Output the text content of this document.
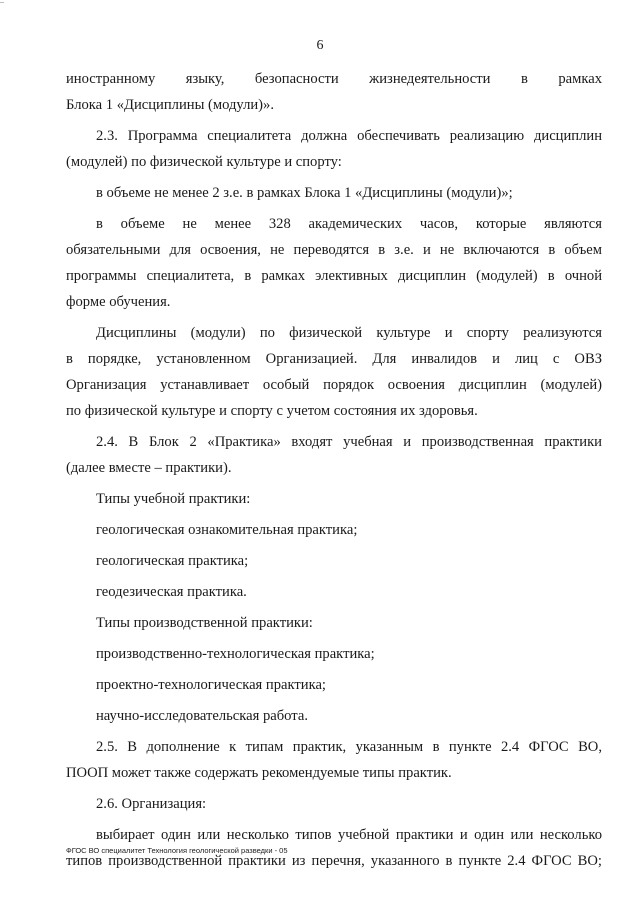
--
6
иностранному языку, безопасности жизнедеятельности в рамках
Блока 1 «Дисциплины (модули)».
2.3. Программа специалитета должна обеспечивать реализацию дисциплин
(модулей) по физической культуре и спорту:
в объеме не менее 2 з.е. в рамках Блока 1 «Дисциплины (модули)»;
в объеме не менее 328 академических часов, которые являются
обязательными для освоения, не переводятся в з.е. и не включаются в объем
программы специалитета, в рамках элективных дисциплин (модулей) в очной
форме обучения.
Дисциплины (модули) по физической культуре и спорту реализуются
в порядке, установленном Организацией. Для инвалидов и лиц с ОВЗ
Организация устанавливает особый порядок освоения дисциплин (модулей)
по физической культуре и спорту с учетом состояния их здоровья.
2.4. В Блок 2 «Практика» входят учебная и производственная практики
(далее вместе – практики).
Типы учебной практики:
геологическая ознакомительная практика;
геологическая практика;
геодезическая практика.
Типы производственной практики:
производственно-технологическая практика;
проектно-технологическая практика;
научно-исследовательская работа.
2.5. В дополнение к типам практик, указанным в пункте 2.4 ФГОС ВО,
ПООП может также содержать рекомендуемые типы практик.
2.6. Организация:
выбирает один или несколько типов учебной практики и один или несколько
типов производственной практики из перечня, указанного в пункте 2.4 ФГОС ВО;
ФГОС ВО специалитет Технология геологической разведки - 05
